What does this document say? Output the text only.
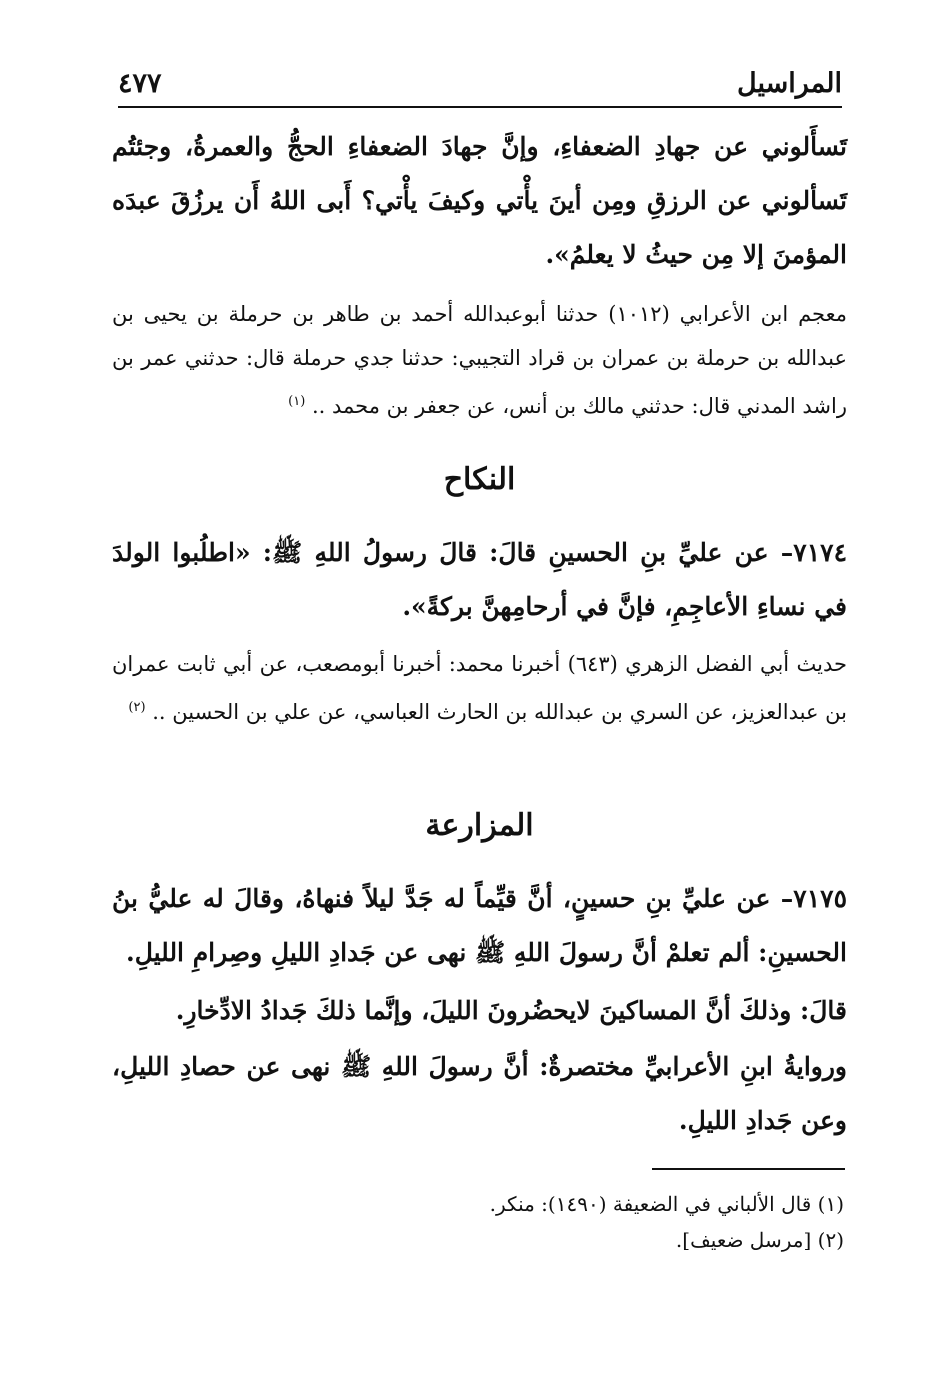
المراسيل
٤٧٧

تَسأَلوني عن جهادِ الضعفاءِ، وإنَّ جهادَ الضعفاءِ الحجُّ والعمرةُ، وجئتُم تَسألوني عن الرزقِ ومِن أينَ يأْتي وكيفَ يأْتي؟ أَبى اللهُ أَن يرزُقَ عبدَه المؤمنَ إلا مِن حيثُ لا يعلمُ».

معجم ابن الأعرابي (١٠١٢) حدثنا أبوعبدالله أحمد بن طاهر بن حرملة بن يحيى بن عبدالله بن حرملة بن عمران بن قراد التجيبي: حدثنا جدي حرملة قال: حدثني عمر بن راشد المدني قال: حدثني مالك بن أنس، عن جعفر بن محمد .. $^{(١)}$

النكاح

٧١٧٤– عن عليِّ بنِ الحسينِ قالَ: قالَ رسولُ اللهِ ﷺ: «اطلُبوا الولدَ في نساءِ الأعاجِمِ، فإنَّ في أرحامِهنَّ بركةً».

حديث أبي الفضل الزهري (٦٤٣) أخبرنا محمد: أخبرنا أبومصعب، عن أبي ثابت عمران بن عبدالعزيز، عن السري بن عبدالله بن الحارث العباسي، عن علي بن الحسين .. $^{(٢)}$

المزارعة

٧١٧٥– عن عليِّ بنِ حسينٍ، أنَّ قيِّماً له جَدَّ ليلاً فنهاهُ، وقالَ له عليُّ بنُ الحسينِ: ألم تعلمْ أنَّ رسولَ اللهِ ﷺ نهى عن جَدادِ الليلِ وصِرامِ الليلِ.

قالَ: وذلكَ أنَّ المساكينَ لايحضُرونَ الليلَ، وإنَّما ذلكَ جَدادُ الادِّخارِ.

وروايةُ ابنِ الأعرابيِّ مختصرةٌ: أنَّ رسولَ اللهِ ﷺ نهى عن حصادِ الليلِ، وعن جَدادِ الليلِ.

(١) قال الألباني في الضعيفة (١٤٩٠): منكر.

(٢) [مرسل ضعيف].
